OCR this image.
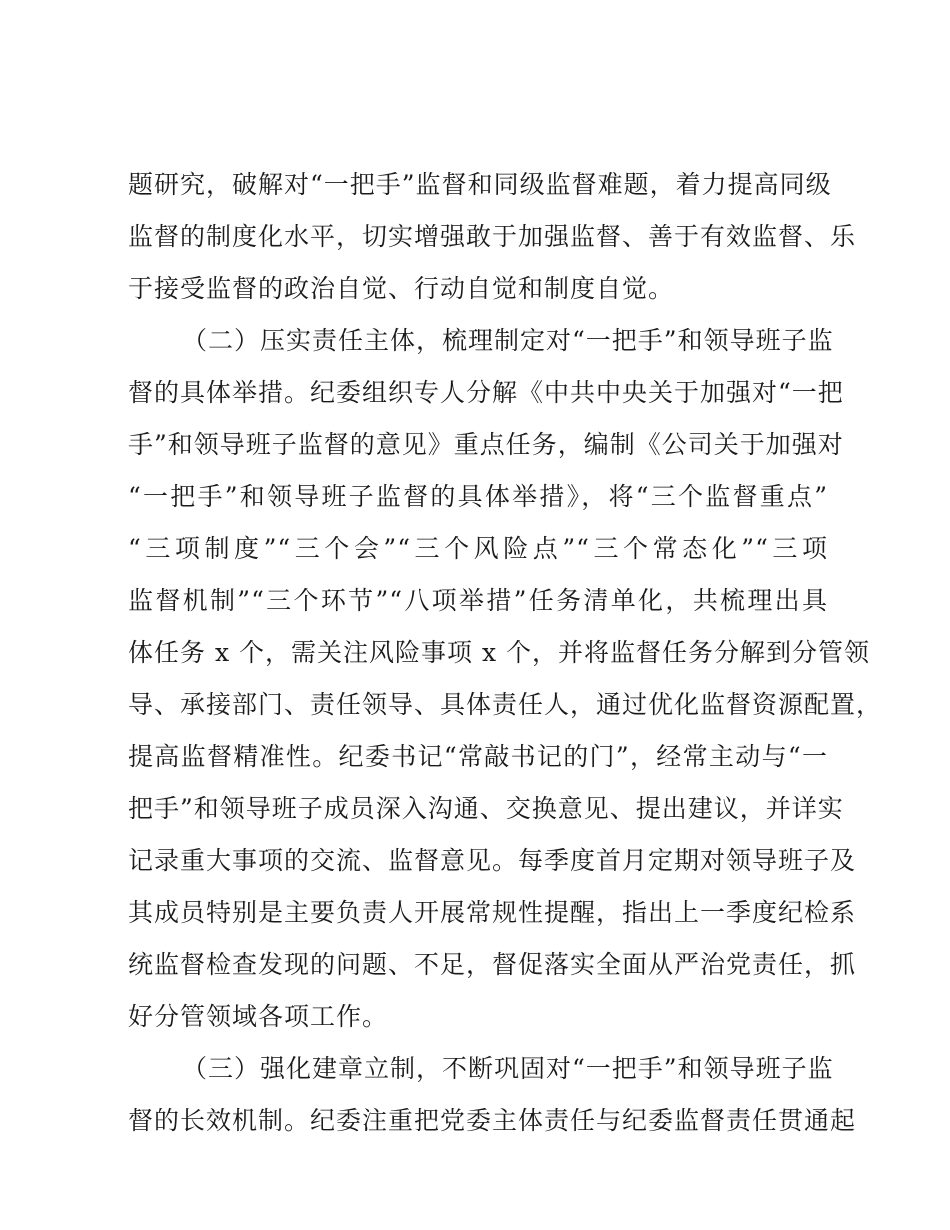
题研究，破解对“一把手”监督和同级监督难题，着力提高同级
监督的制度化水平，切实增强敢于加强监督、善于有效监督、乐
于接受监督的政治自觉、行动自觉和制度自觉。
（二）压实责任主体，梳理制定对“一把手”和领导班子监
督的具体举措。纪委组织专人分解《中共中央关于加强对“一把
手”和领导班子监督的意见》重点任务，编制《公司关于加强对
“一把手”和领导班子监督的具体举措》，将“三个监督重点”
“三项制度”“三个会”“三个风险点”“三个常态化”“三项
监督机制”“三个环节”“八项举措”任务清单化，共梳理出具
体任务 x 个，需关注风险事项 x 个，并将监督任务分解到分管领
导、承接部门、责任领导、具体责任人，通过优化监督资源配置，
提高监督精准性。纪委书记“常敲书记的门”，经常主动与“一
把手”和领导班子成员深入沟通、交换意见、提出建议，并详实
记录重大事项的交流、监督意见。每季度首月定期对领导班子及
其成员特别是主要负责人开展常规性提醒，指出上一季度纪检系
统监督检查发现的问题、不足，督促落实全面从严治党责任，抓
好分管领域各项工作。
（三）强化建章立制，不断巩固对“一把手”和领导班子监
督的长效机制。纪委注重把党委主体责任与纪委监督责任贯通起
